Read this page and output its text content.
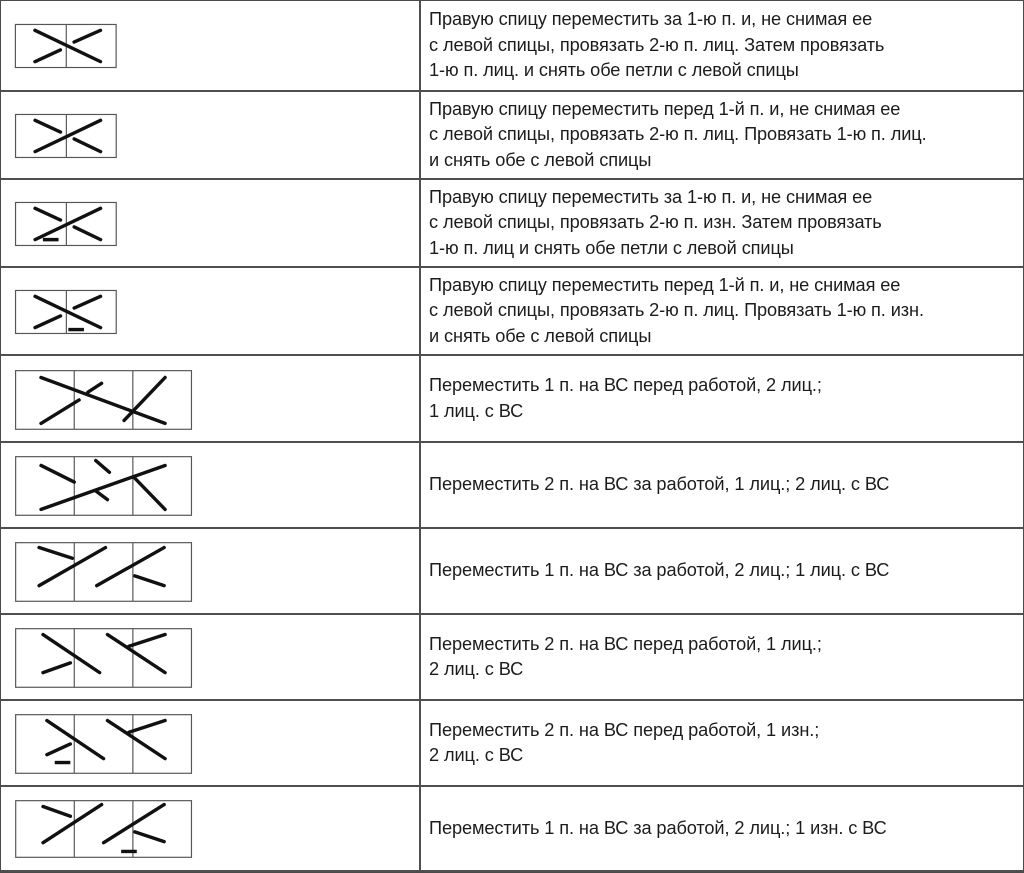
Правую спицу переместить за 1-ю п. и, не снимая ее
с левой спицы, провязать 2-ю п. лиц. Затем провязать
1-ю п. лиц. и снять обе петли с левой спицы
Правую спицу переместить перед 1-й п. и, не снимая ее
с левой спицы, провязать 2-ю п. лиц. Провязать 1-ю п. лиц.
и снять обе с левой спицы
Правую спицу переместить за 1-ю п. и, не снимая ее
с левой спицы, провязать 2-ю п. изн. Затем провязать
1-ю п. лиц и снять обе петли с левой спицы
Правую спицу переместить перед 1-й п. и, не снимая ее
с левой спицы, провязать 2-ю п. лиц. Провязать 1-ю п. изн.
и снять обе с левой спицы
Переместить 1 п. на ВС перед работой, 2 лиц.;
1 лиц. с ВС
Переместить 2 п. на ВС за работой, 1 лиц.; 2 лиц. с ВС
Переместить 1 п. на ВС за работой, 2 лиц.; 1 лиц. с ВС
Переместить 2 п. на ВС перед работой, 1 лиц.;
2 лиц. с ВС
Переместить 2 п. на ВС перед работой, 1 изн.;
2 лиц. с ВС
Переместить 1 п. на ВС за работой, 2 лиц.; 1 изн. с ВС
